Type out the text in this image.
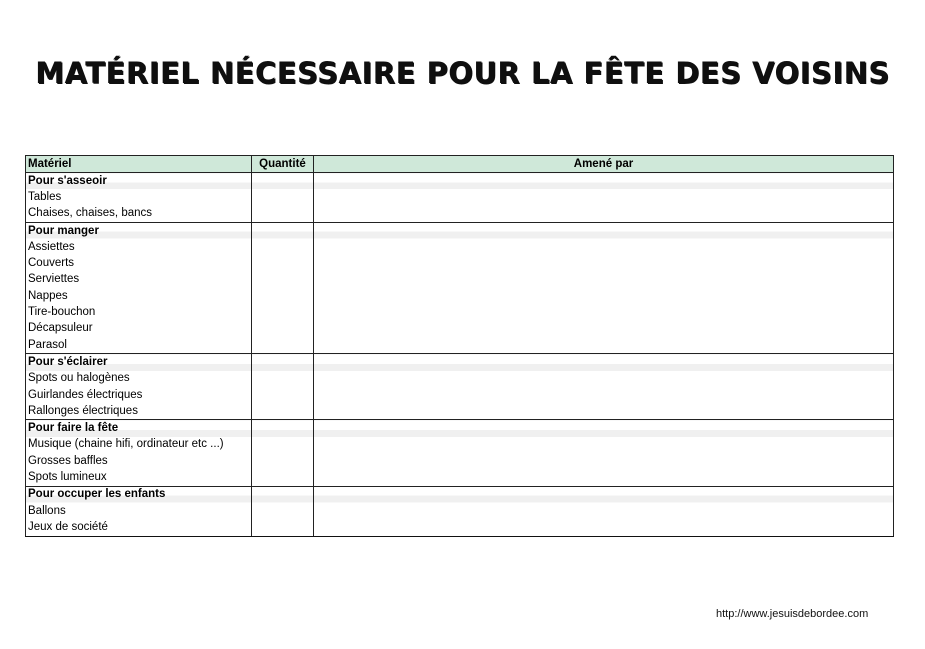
MATÉRIEL NÉCESSAIRE POUR LA FÊTE DES VOISINS
Matériel	Quantité	Amené par
Pour s'asseoir		
Tables		
Chaises, chaises, bancs		
Pour manger		
Assiettes		
Couverts		
Serviettes		
Nappes		
Tire-bouchon		
Décapsuleur		
Parasol		
Pour s'éclairer		
Spots ou halogènes		
Guirlandes électriques		
Rallonges électriques		
Pour faire la fête		
Musique (chaine hifi, ordinateur etc ...)		
Grosses baffles		
Spots lumineux		
Pour occuper les enfants		
Ballons		
Jeux de société		
http://www.jesuisdebordee.com
